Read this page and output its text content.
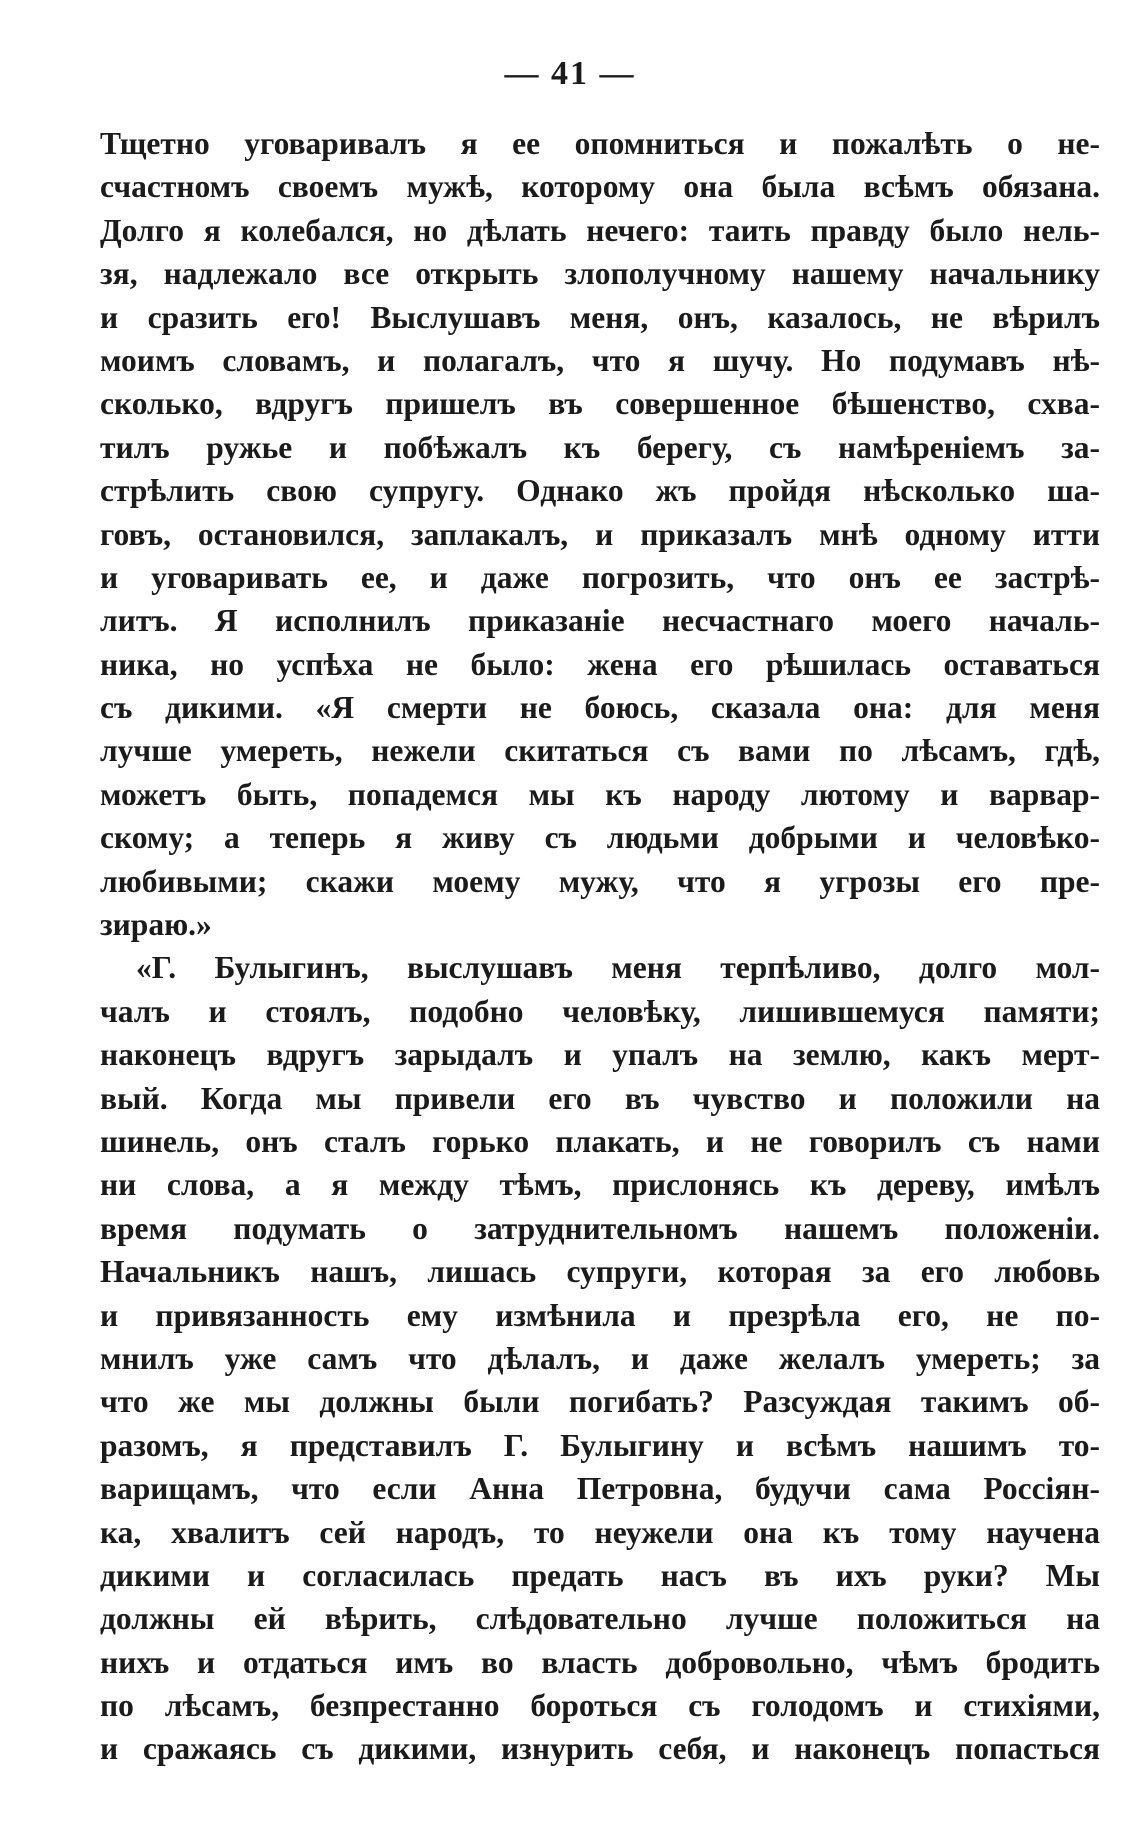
— 41 —
Тщетно уговаривалъ я ее опомниться и пожалѣть о не-
счастномъ своемъ мужѣ, которому она была всѣмъ обязана.
Долго я колебался, но дѣлать нечего: таить правду было нель-
зя, надлежало все открыть злополучному нашему начальнику
и сразить его! Выслушавъ меня, онъ, казалось, не вѣрилъ
моимъ словамъ, и полагалъ, что я шучу. Но подумавъ нѣ-
сколько, вдругъ пришелъ въ совершенное бѣшенство, схва-
тилъ ружье и побѣжалъ къ берегу, съ намѣреніемъ за-
стрѣлить свою супругу. Однако жъ пройдя нѣсколько ша-
говъ, остановился, заплакалъ, и приказалъ мнѣ одному итти
и уговаривать ее, и даже погрозить, что онъ ее застрѣ-
литъ. Я исполнилъ приказаніе несчастнаго моего началь-
ника, но успѣха не было: жена его рѣшилась оставаться
съ дикими. «Я смерти не боюсь, сказала она: для меня
лучше умереть, нежели скитаться съ вами по лѣсамъ, гдѣ,
можетъ быть, попадемся мы къ народу лютому и варвар-
скому; а теперь я живу съ людьми добрыми и человѣко-
любивыми; скажи моему мужу, что я угрозы его пре-
зираю.»
«Г. Булыгинъ, выслушавъ меня терпѣливо, долго мол-
чалъ и стоялъ, подобно человѣку, лишившемуся памяти;
наконецъ вдругъ зарыдалъ и упалъ на землю, какъ мерт-
вый. Когда мы привели его въ чувство и положили на
шинель, онъ сталъ горько плакать, и не говорилъ съ нами
ни слова, а я между тѣмъ, прислонясь къ дереву, имѣлъ
время подумать о затруднительномъ нашемъ положеніи.
Начальникъ нашъ, лишась супруги, которая за его любовь
и привязанность ему измѣнила и презрѣла его, не по-
мнилъ уже самъ что дѣлалъ, и даже желалъ умереть; за
что же мы должны были погибать? Разсуждая такимъ об-
разомъ, я представилъ Г. Булыгину и всѣмъ нашимъ то-
варищамъ, что если Анна Петровна, будучи сама Россіян-
ка, хвалитъ сей народъ, то неужели она къ тому научена
дикими и согласилась предать насъ въ ихъ руки? Мы
должны ей вѣрить, слѣдовательно лучше положиться на
нихъ и отдаться имъ во власть добровольно, чѣмъ бродить
по лѣсамъ, безпрестанно бороться съ голодомъ и стихіями,
и сражаясь съ дикими, изнурить себя, и наконецъ попасться
